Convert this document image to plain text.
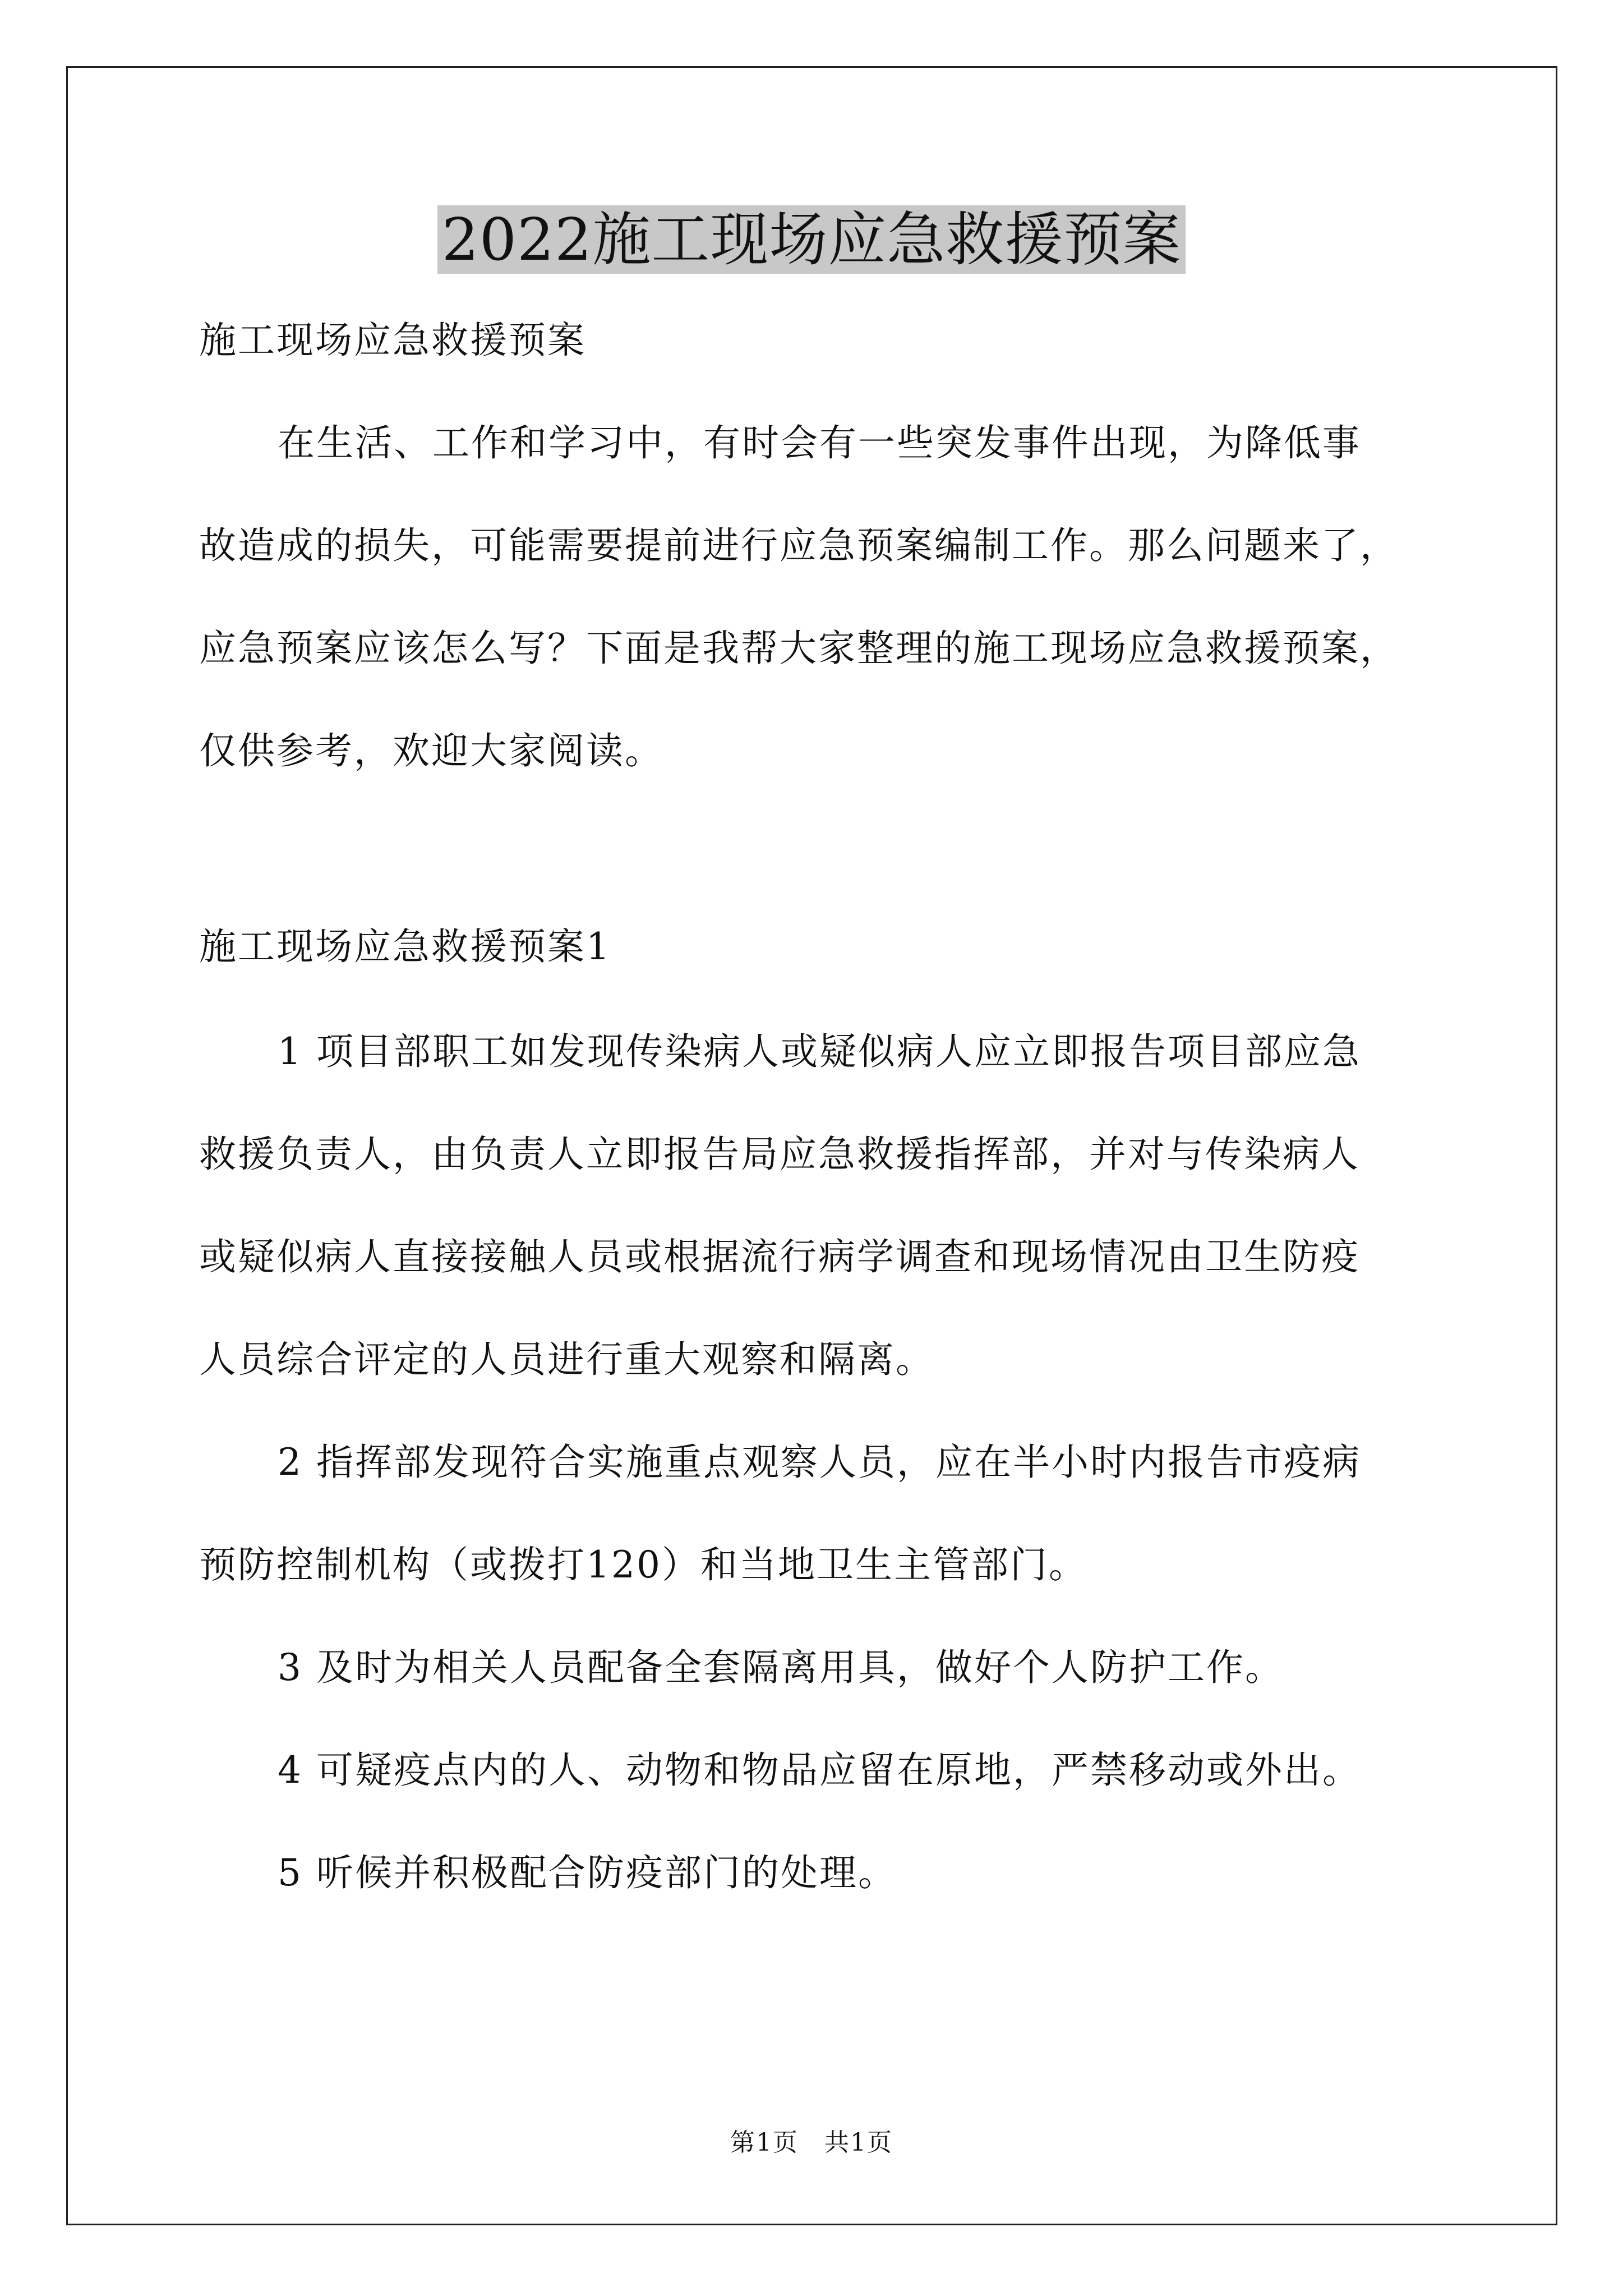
2022施工现场应急救援预案
施工现场应急救援预案
在生活、工作和学习中，有时会有一些突发事件出现，为降低事
故造成的损失，可能需要提前进行应急预案编制工作。那么问题来了，
应急预案应该怎么写？下面是我帮大家整理的施工现场应急救援预案，
仅供参考，欢迎大家阅读。
施工现场应急救援预案1
1 项目部职工如发现传染病人或疑似病人应立即报告项目部应急
救援负责人，由负责人立即报告局应急救援指挥部，并对与传染病人
或疑似病人直接接触人员或根据流行病学调查和现场情况由卫生防疫
人员综合评定的人员进行重大观察和隔离。
2 指挥部发现符合实施重点观察人员，应在半小时内报告市疫病
预防控制机构（或拨打120）和当地卫生主管部门。
3 及时为相关人员配备全套隔离用具，做好个人防护工作。
4 可疑疫点内的人、动物和物品应留在原地，严禁移动或外出。
5 听候并积极配合防疫部门的处理。
第1页　共1页
